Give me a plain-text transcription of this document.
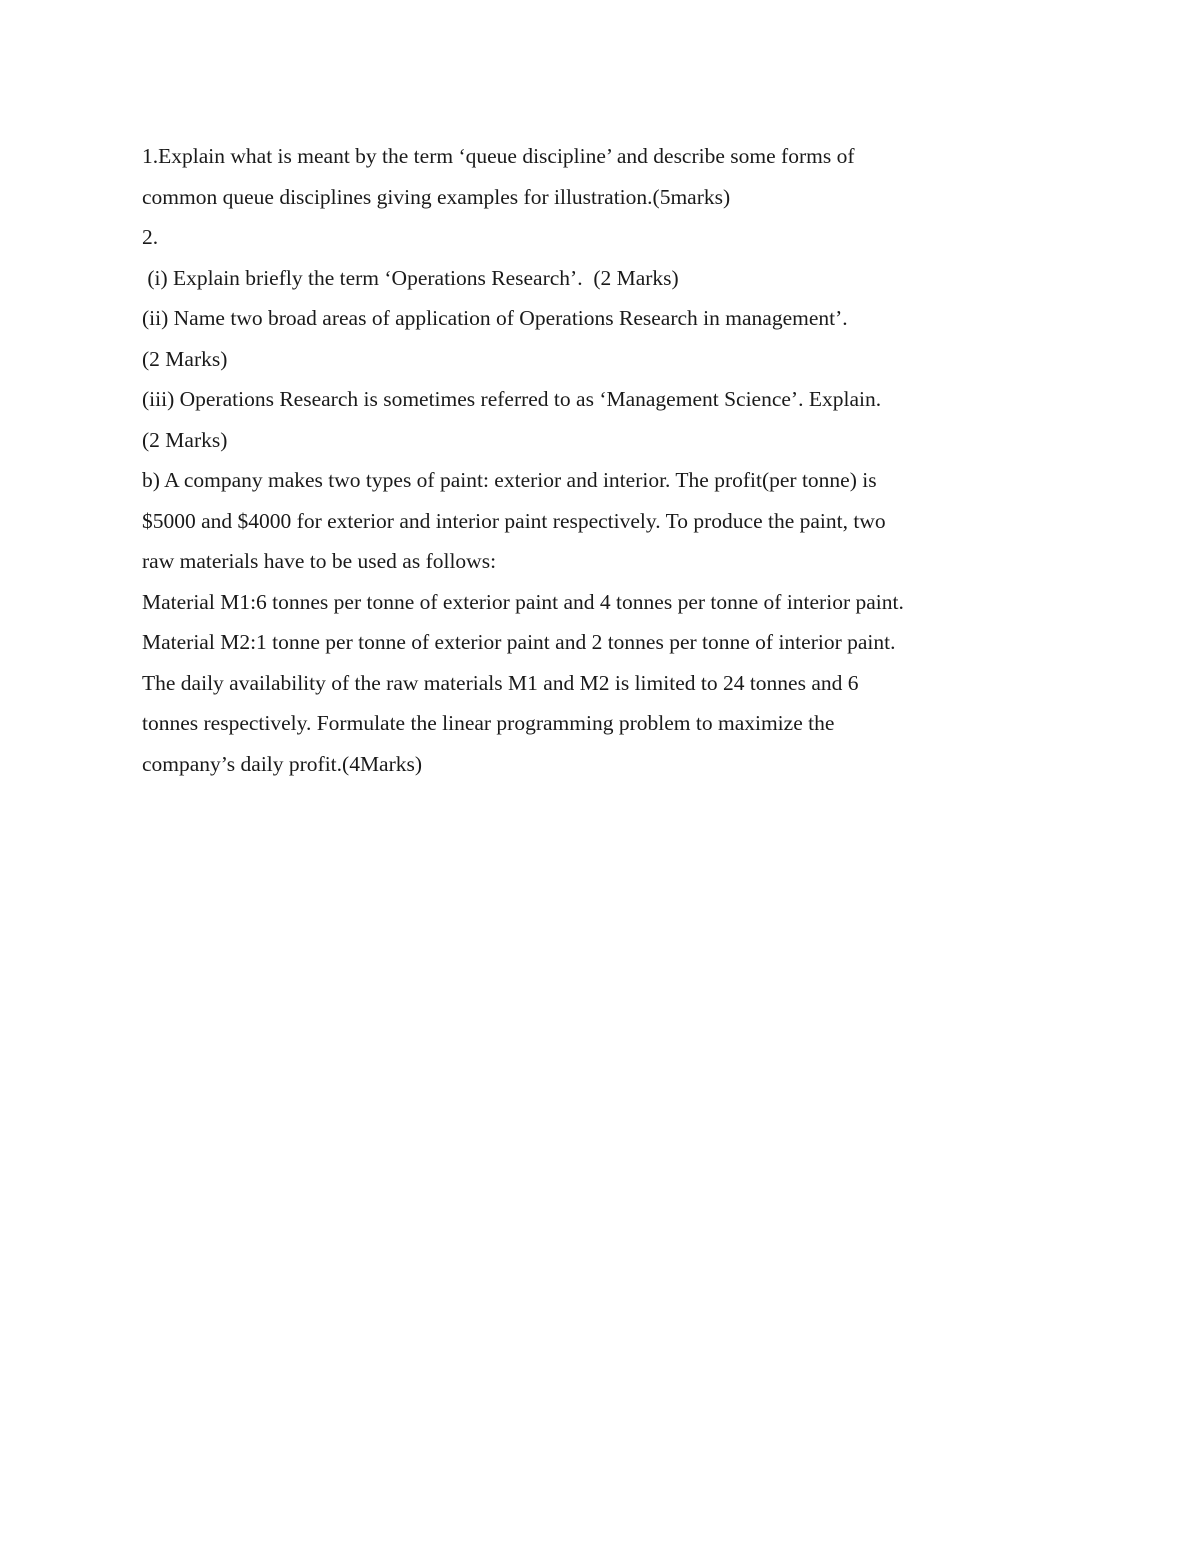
1.Explain what is meant by the term ‘queue discipline’ and describe some forms of
common queue disciplines giving examples for illustration.(5marks)
2.
(i) Explain briefly the term ‘Operations Research’.  (2 Marks)
(ii) Name two broad areas of application of Operations Research in management’.
(2 Marks)
(iii) Operations Research is sometimes referred to as ‘Management Science’. Explain.
(2 Marks)
b) A company makes two types of paint: exterior and interior. The profit(per tonne) is
$5000 and $4000 for exterior and interior paint respectively. To produce the paint, two
raw materials have to be used as follows:
Material M1:6 tonnes per tonne of exterior paint and 4 tonnes per tonne of interior paint.
Material M2:1 tonne per tonne of exterior paint and 2 tonnes per tonne of interior paint.
The daily availability of the raw materials M1 and M2 is limited to 24 tonnes and 6
tonnes respectively. Formulate the linear programming problem to maximize the
company’s daily profit.(4Marks)
